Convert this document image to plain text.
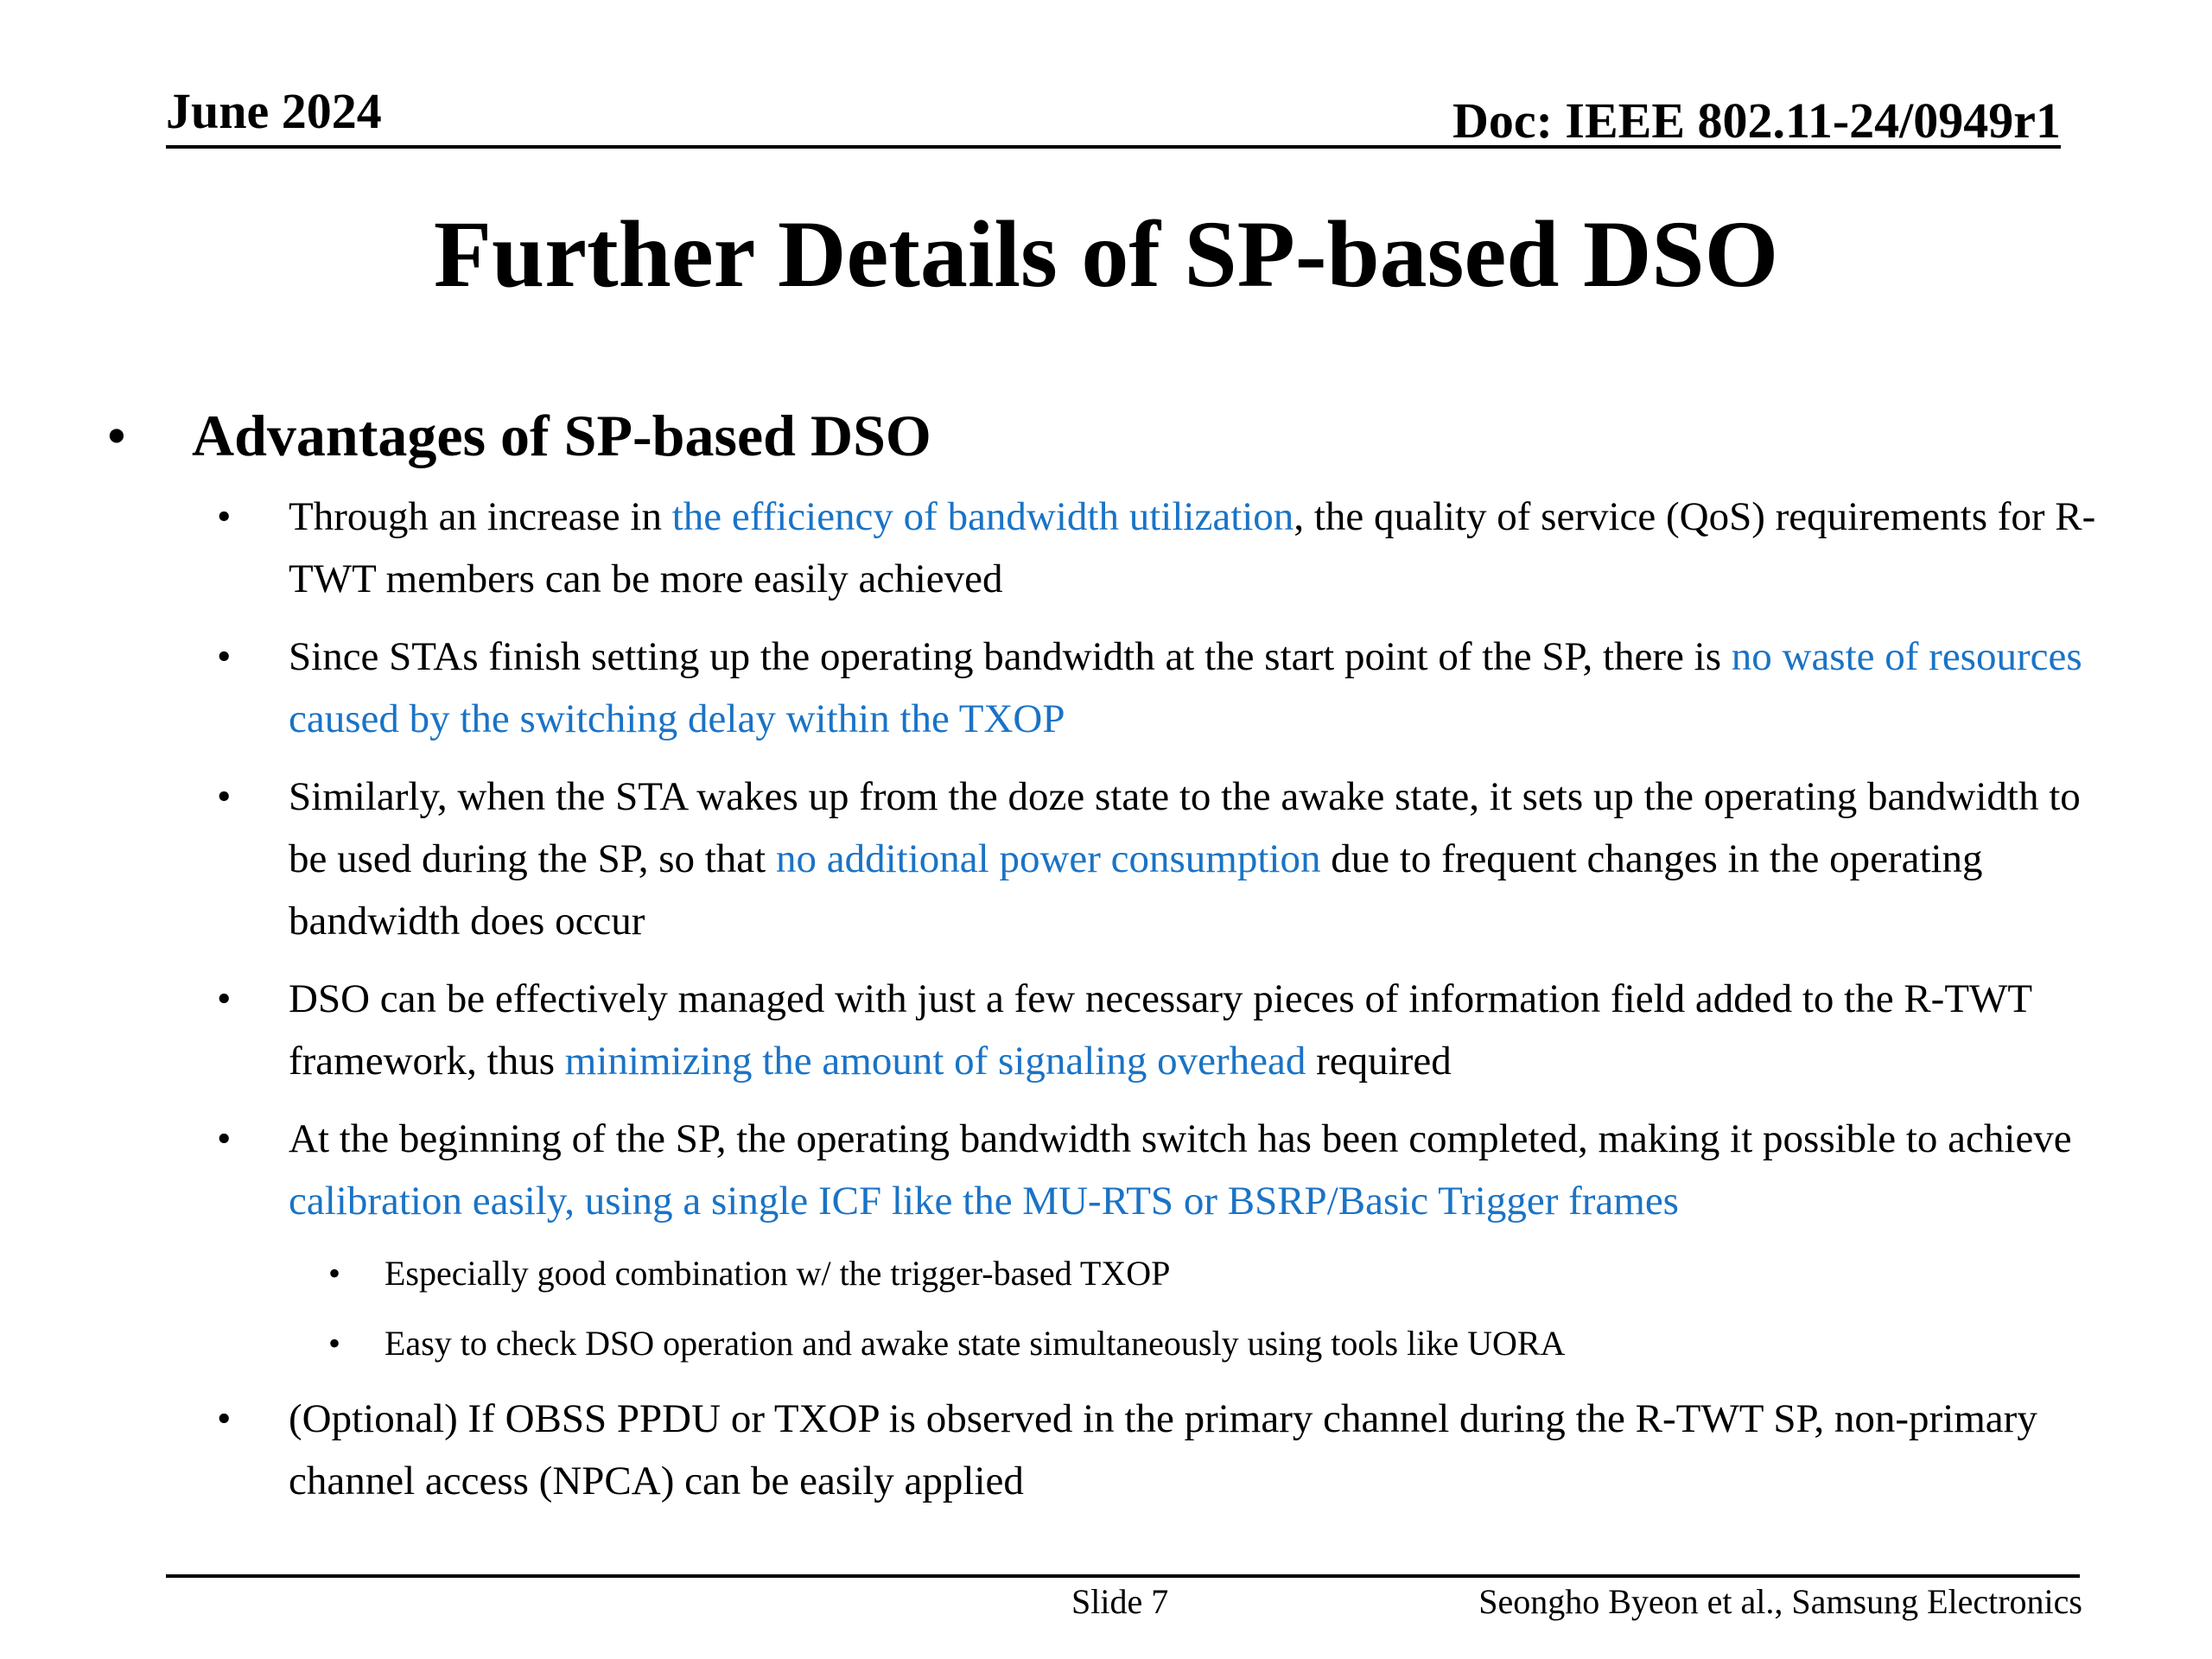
June 2024	Doc: IEEE 802.11-24/0949r1
Further Details of SP-based DSO
• Advantages of SP-based DSO
• Through an increase in the efficiency of bandwidth utilization, the quality of service (QoS) requirements for R-TWT members can be more easily achieved
• Since STAs finish setting up the operating bandwidth at the start point of the SP, there is no waste of resources caused by the switching delay within the TXOP
• Similarly, when the STA wakes up from the doze state to the awake state, it sets up the operating bandwidth to be used during the SP, so that no additional power consumption due to frequent changes in the operating bandwidth does occur
• DSO can be effectively managed with just a few necessary pieces of information field added to the R-TWT framework, thus minimizing the amount of signaling overhead required
• At the beginning of the SP, the operating bandwidth switch has been completed, making it possible to achieve calibration easily, using a single ICF like the MU-RTS or BSRP/Basic Trigger frames
• Especially good combination w/ the trigger-based TXOP
• Easy to check DSO operation and awake state simultaneously using tools like UORA
• (Optional) If OBSS PPDU or TXOP is observed in the primary channel during the R-TWT SP, non-primary channel access (NPCA) can be easily applied
Slide 7	Seongho Byeon et al., Samsung Electronics
